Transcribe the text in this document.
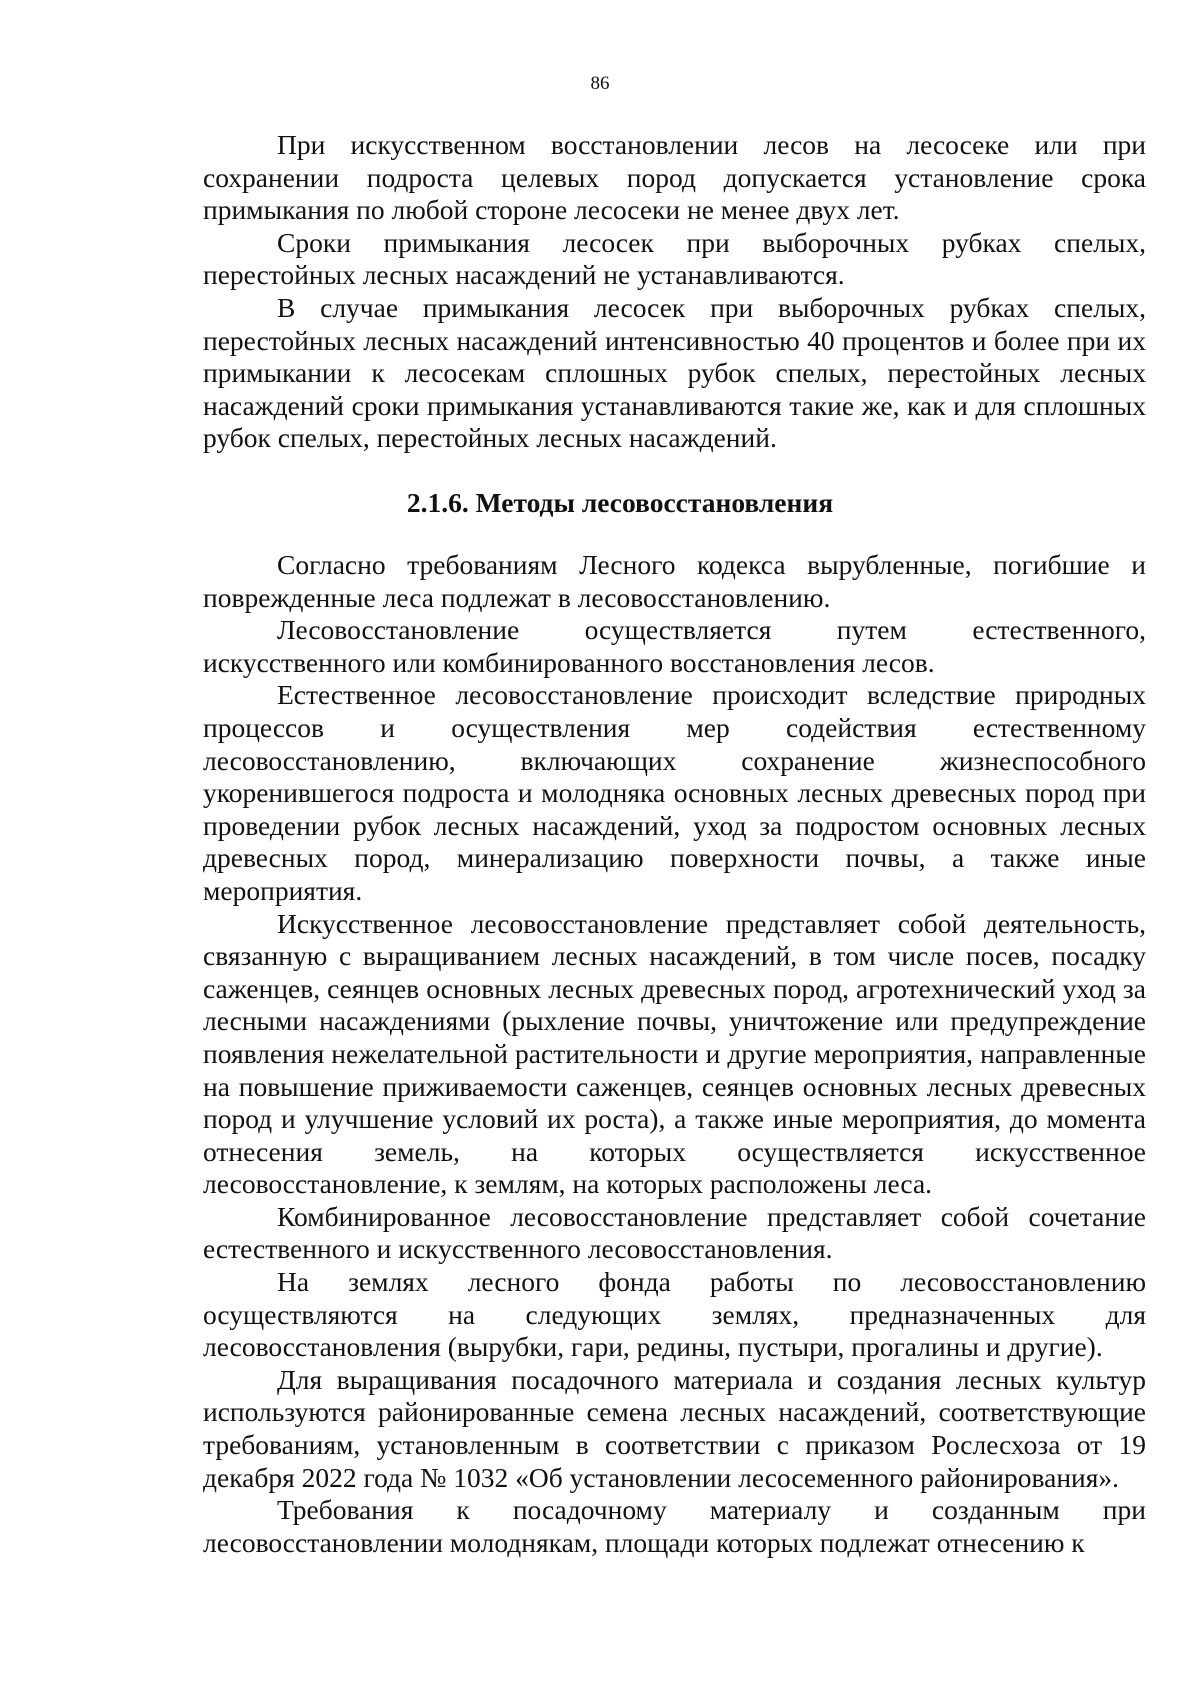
86

При искусственном восстановлении лесов на лесосеке или при сохранении подроста целевых пород допускается установление срока примыкания по любой стороне лесосеки не менее двух лет.

Сроки примыкания лесосек при выборочных рубках спелых, перестойных лесных насаждений не устанавливаются.

В случае примыкания лесосек при выборочных рубках спелых, перестойных лесных насаждений интенсивностью 40 процентов и более при их примыкании к лесосекам сплошных рубок спелых, перестойных лесных насаждений сроки примыкания устанавливаются такие же, как и для сплошных рубок спелых, перестойных лесных насаждений.

2.1.6. Методы лесовосстановления

Согласно требованиям Лесного кодекса вырубленные, погибшие и поврежденные леса подлежат в лесовосстановлению.

Лесовосстановление осуществляется путем естественного, искусственного или комбинированного восстановления лесов.

Естественное лесовосстановление происходит вследствие природных процессов и осуществления мер содействия естественному лесовосстановлению, включающих сохранение жизнеспособного укоренившегося подроста и молодняка основных лесных древесных пород при проведении рубок лесных насаждений, уход за подростом основных лесных древесных пород, минерализацию поверхности почвы, а также иные мероприятия.

Искусственное лесовосстановление представляет собой деятельность, связанную с выращиванием лесных насаждений, в том числе посев, посадку саженцев, сеянцев основных лесных древесных пород, агротехнический уход за лесными насаждениями (рыхление почвы, уничтожение или предупреждение появления нежелательной растительности и другие мероприятия, направленные на повышение приживаемости саженцев, сеянцев основных лесных древесных пород и улучшение условий их роста), а также иные мероприятия, до момента отнесения земель, на которых осуществляется искусственное лесовосстановление, к землям, на которых расположены леса.

Комбинированное лесовосстановление представляет собой сочетание естественного и искусственного лесовосстановления.

На землях лесного фонда работы по лесовосстановлению осуществляются на следующих землях, предназначенных для лесовосстановления (вырубки, гари, редины, пустыри, прогалины и другие).

Для выращивания посадочного материала и создания лесных культур используются районированные семена лесных насаждений, соответствующие требованиям, установленным в соответствии с приказом Рослесхоза от 19 декабря 2022 года № 1032 «Об установлении лесосеменного районирования».

Требования к посадочному материалу и созданным при лесовосстановлении молоднякам, площади которых подлежат отнесению к
